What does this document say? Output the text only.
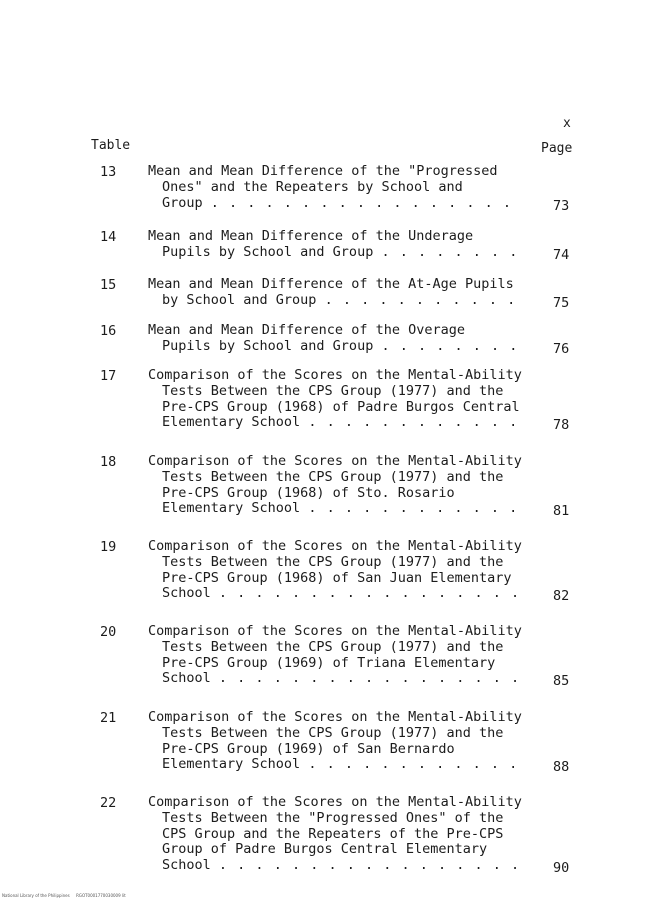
x
Table	Page
13 Mean and Mean Difference of the "Progressed
Ones" and the Repeaters by School and
Group . . . . . . . . . . . . . . . . .	73
14 Mean and Mean Difference of the Underage
Pupils by School and Group . . . . . . . .	74
15 Mean and Mean Difference of the At-Age Pupils
by School and Group . . . . . . . . . . .	75
16 Mean and Mean Difference of the Overage
Pupils by School and Group . . . . . . . .	76
17 Comparison of the Scores on the Mental-Ability
Tests Between the CPS Group (1977) and the
Pre-CPS Group (1968) of Padre Burgos Central
Elementary School . . . . . . . . . . . .	78
18 Comparison of the Scores on the Mental-Ability
Tests Between the CPS Group (1977) and the
Pre-CPS Group (1968) of Sto. Rosario
Elementary School . . . . . . . . . . . .	81
19 Comparison of the Scores on the Mental-Ability
Tests Between the CPS Group (1977) and the
Pre-CPS Group (1968) of San Juan Elementary
School . . . . . . . . . . . . . . . . .	82
20 Comparison of the Scores on the Mental-Ability
Tests Between the CPS Group (1977) and the
Pre-CPS Group (1969) of Triana Elementary
School . . . . . . . . . . . . . . . . .	85
21 Comparison of the Scores on the Mental-Ability
Tests Between the CPS Group (1977) and the
Pre-CPS Group (1969) of San Bernardo
Elementary School . . . . . . . . . . . .	88
22 Comparison of the Scores on the Mental-Ability
Tests Between the "Progressed Ones" of the
CPS Group and the Repeaters of the Pre-CPS
Group of Padre Burgos Central Elementary
School . . . . . . . . . . . . . . . . .	90
National Library of the Philippines     RGOT0001770030009 lit
